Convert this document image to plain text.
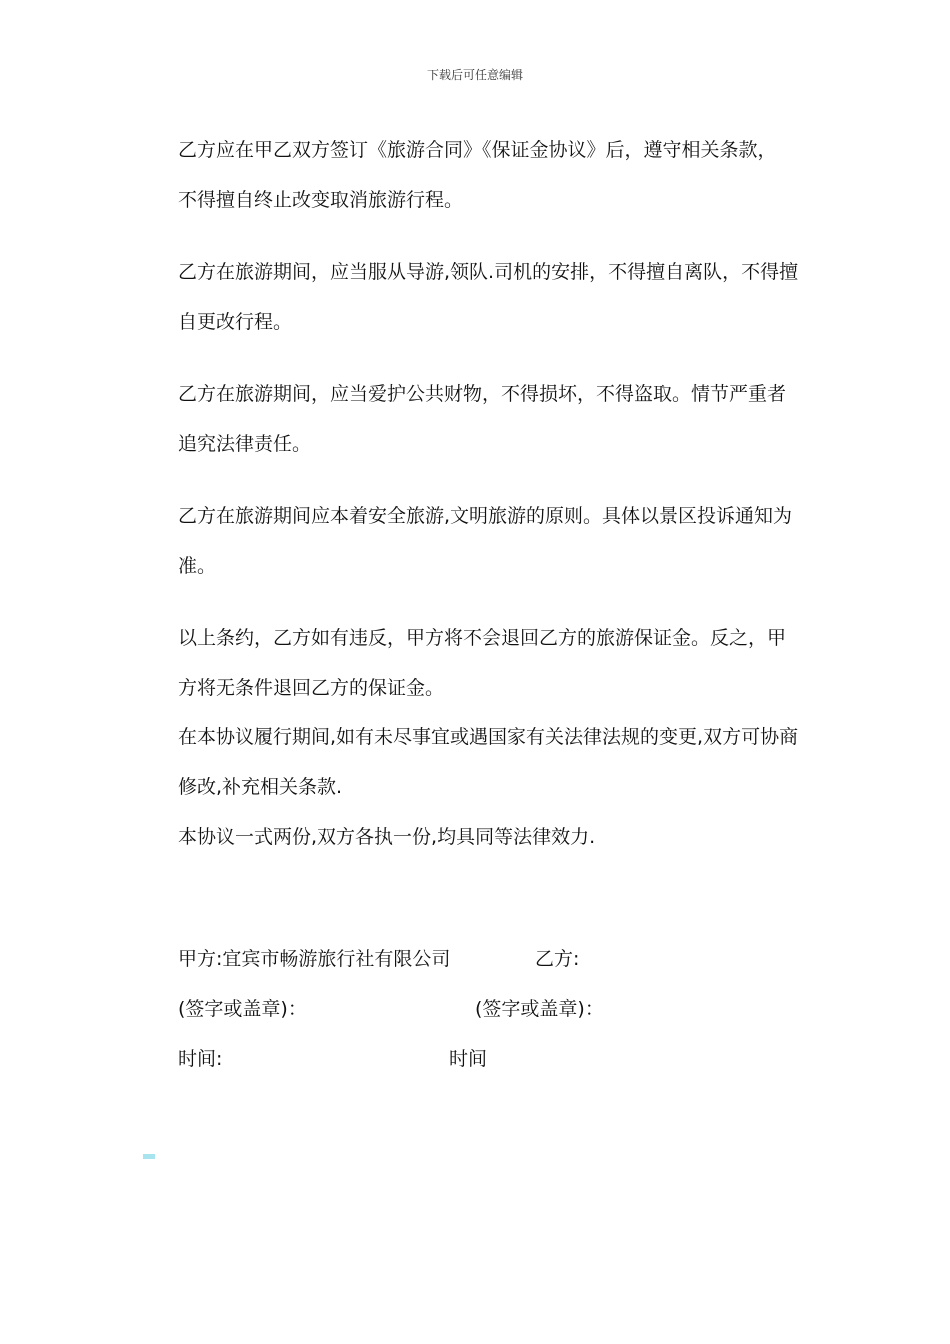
下载后可任意编辑
乙方应在甲乙双方签订《旅游合同》《保证金协议》后，遵守相关条款，
不得擅自终止改变取消旅游行程。
乙方在旅游期间，应当服从导游,领队.司机的安排，不得擅自离队，不得擅
自更改行程。
乙方在旅游期间，应当爱护公共财物，不得损坏，不得盗取。情节严重者
追究法律责任。
乙方在旅游期间应本着安全旅游,文明旅游的原则。具体以景区投诉通知为
准。
以上条约，乙方如有违反，甲方将不会退回乙方的旅游保证金。反之，甲
方将无条件退回乙方的保证金。
在本协议履行期间,如有未尽事宜或遇国家有关法律法规的变更,双方可协商
修改,补充相关条款.
本协议一式两份,双方各执一份,均具同等法律效力.
甲方:宜宾市畅游旅行社有限公司	乙方:
(签字或盖章)：	(签字或盖章)：
时间:	时间
